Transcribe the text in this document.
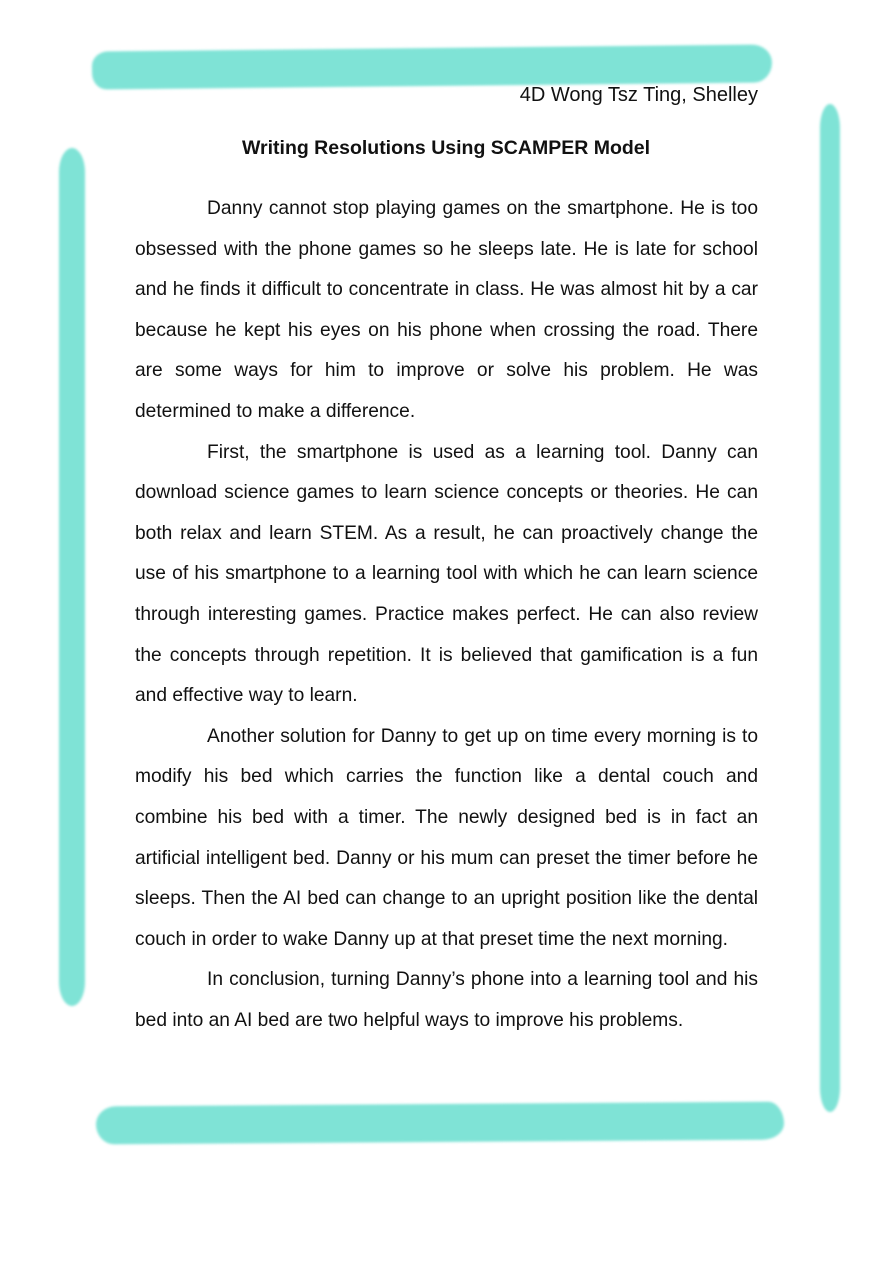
4D Wong Tsz Ting, Shelley
Writing Resolutions Using SCAMPER Model

Danny cannot stop playing games on the smartphone. He is too obsessed with the phone games so he sleeps late. He is late for school and he finds it difficult to concentrate in class. He was almost hit by a car because he kept his eyes on his phone when crossing the road. There are some ways for him to improve or solve his problem. He was determined to make a difference.

First, the smartphone is used as a learning tool. Danny can download science games to learn science concepts or theories. He can both relax and learn STEM. As a result, he can proactively change the use of his smartphone to a learning tool with which he can learn science through interesting games. Practice makes perfect. He can also review the concepts through repetition. It is believed that gamification is a fun and effective way to learn.

Another solution for Danny to get up on time every morning is to modify his bed which carries the function like a dental couch and combine his bed with a timer. The newly designed bed is in fact an artificial intelligent bed. Danny or his mum can preset the timer before he sleeps. Then the AI bed can change to an upright position like the dental couch in order to wake Danny up at that preset time the next morning.

In conclusion, turning Danny’s phone into a learning tool and his bed into an AI bed are two helpful ways to improve his problems.
